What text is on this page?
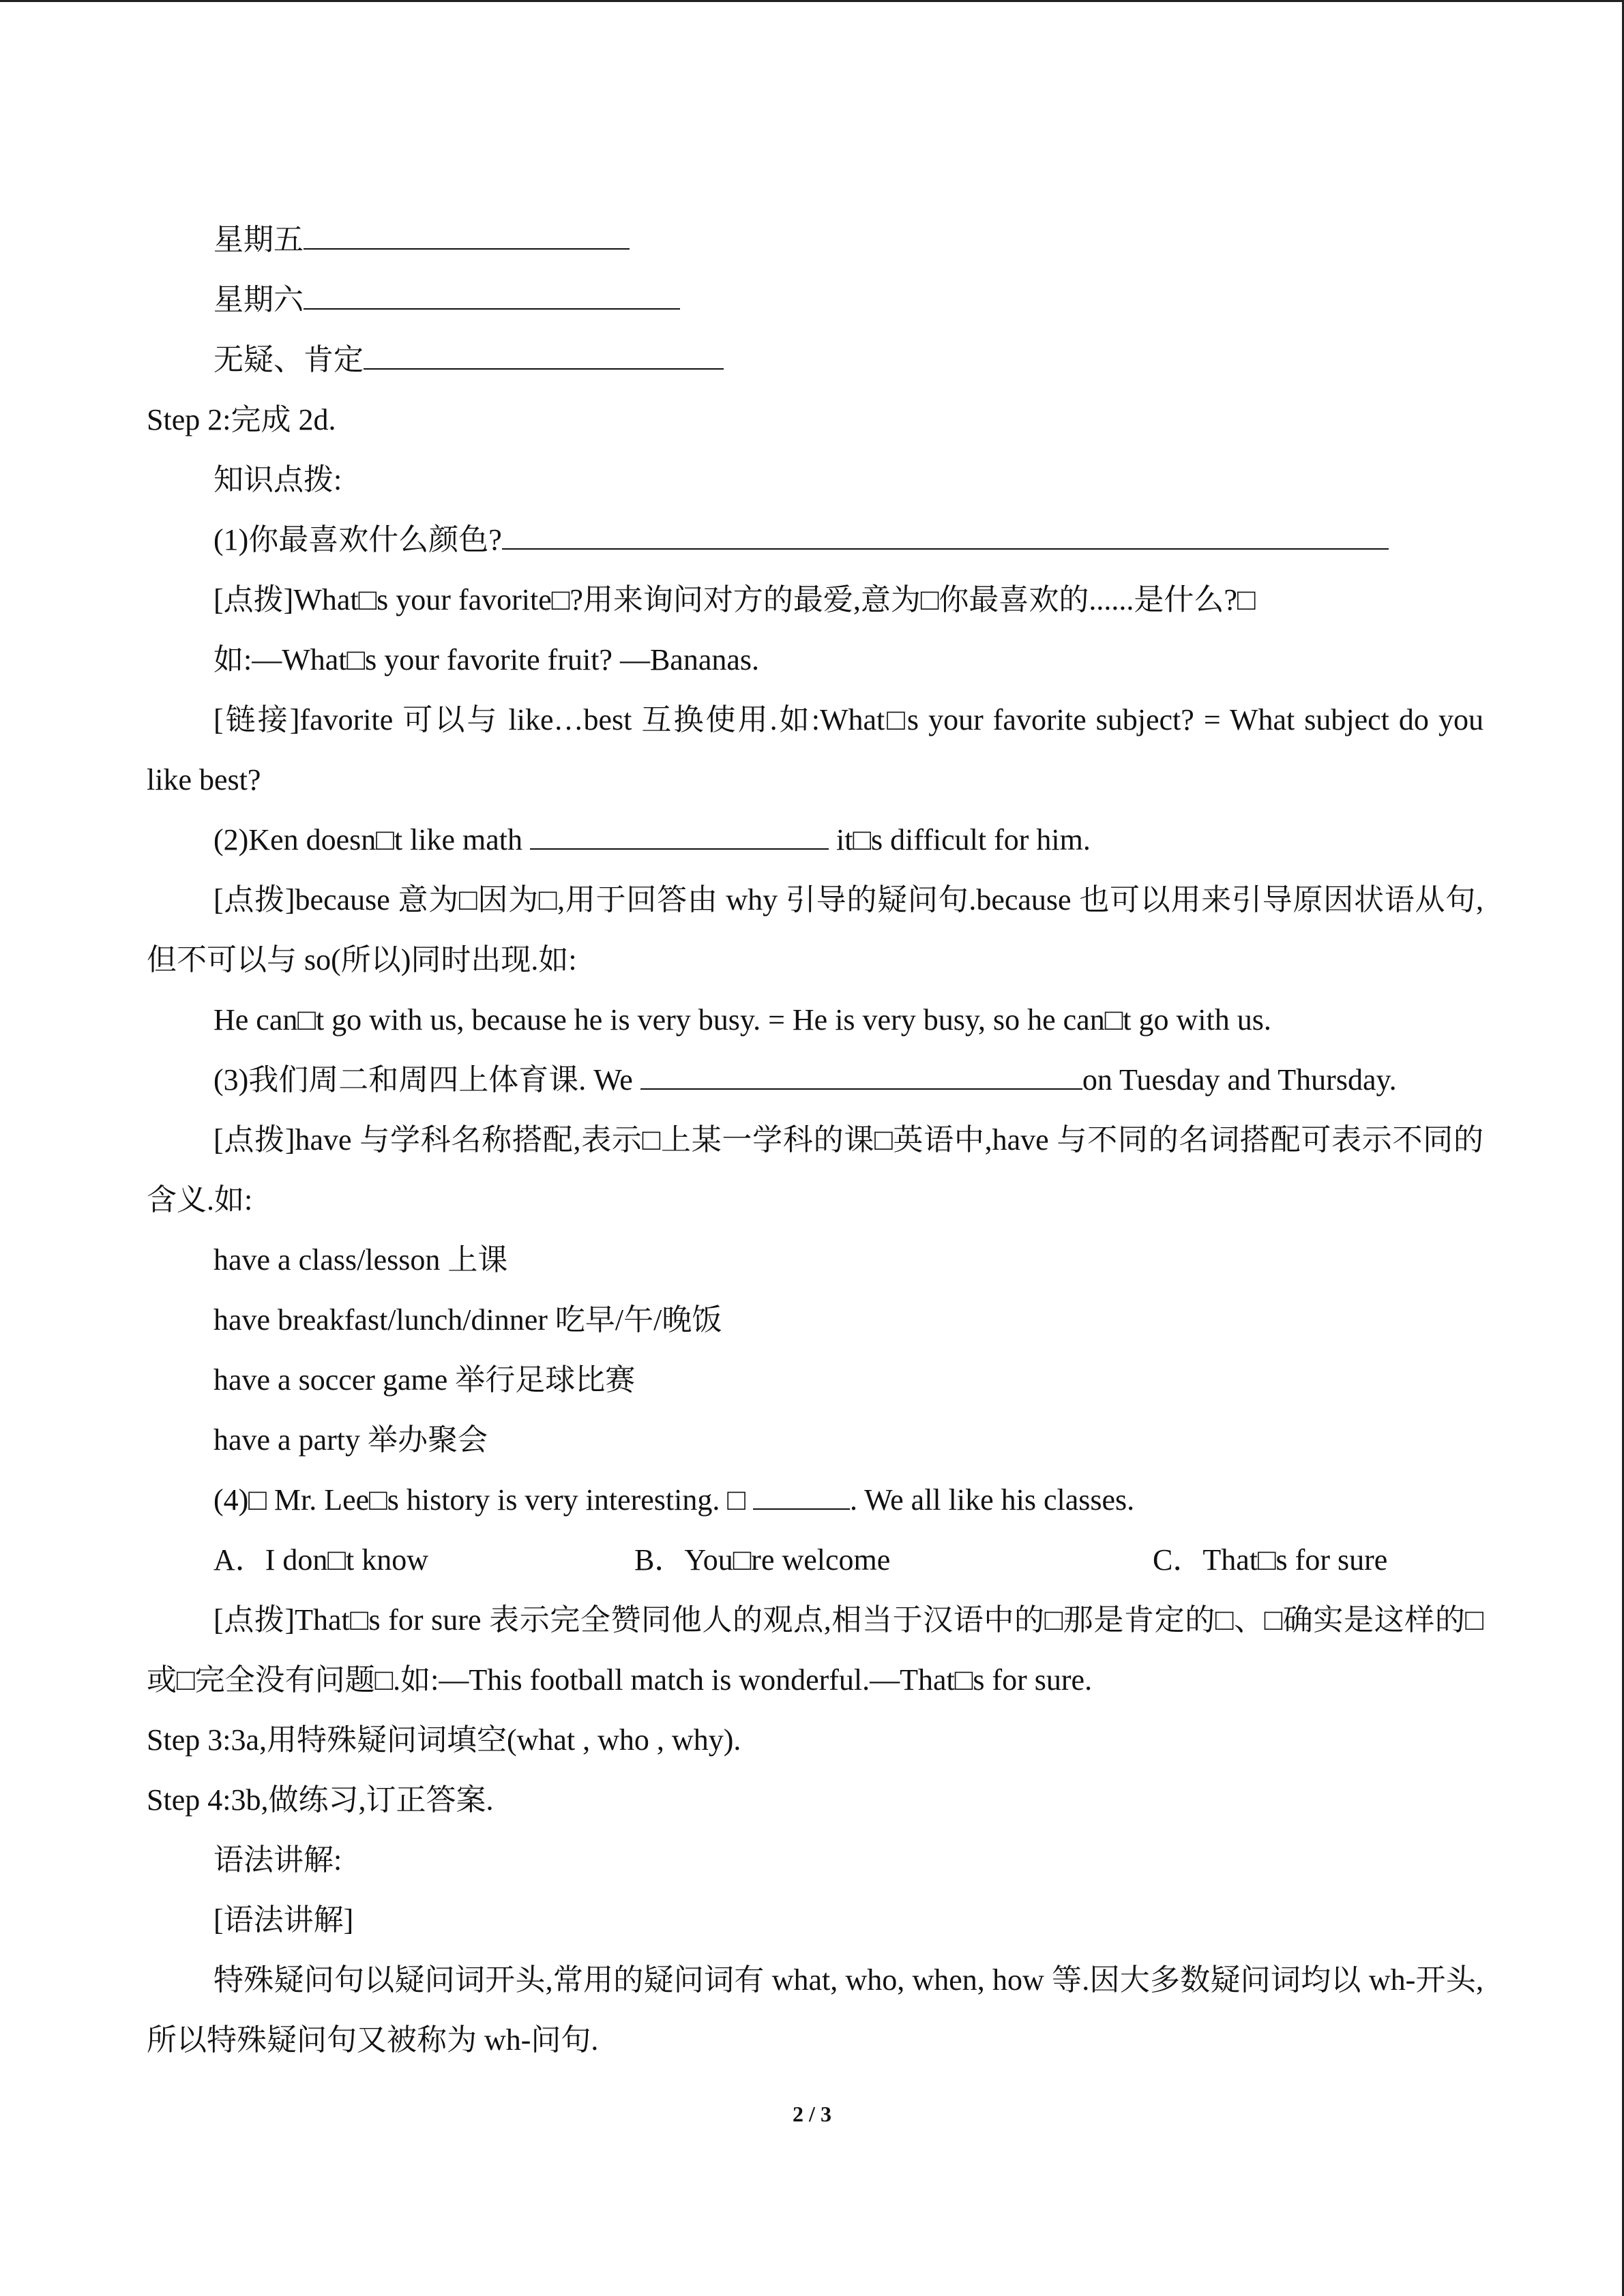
星期五
星期六
无疑、肯定
Step 2:完成 2d.
知识点拨:
(1)你最喜欢什么颜色?
[点拨]What□s your favorite□?用来询问对方的最爱,意为□你最喜欢的......是什么?□
如:—What□s your favorite fruit? —Bananas.
[链接]favorite 可以与 like…best 互换使用.如:What□s your favorite subject? = What subject do you like best?
(2)Ken doesn□t like math	it□s difficult for him.
[点拨]because 意为□因为□,用于回答由 why 引导的疑问句.because 也可以用来引导原因状语从句,但不可以与 so(所以)同时出现.如:
He can□t go with us, because he is very busy. = He is very busy, so he can□t go with us.
(3)我们周二和周四上体育课. We	on Tuesday and Thursday.
[点拨]have 与学科名称搭配,表示□上某一学科的课□英语中,have 与不同的名词搭配可表示不同的含义.如:
have a class/lesson 上课
have breakfast/lunch/dinner 吃早/午/晚饭
have a soccer game 举行足球比赛
have a party 举办聚会
(4)□ Mr. Lee□s history is very interesting. □	. We all like his classes.
A．I don□t know	B．You□re welcome	C．That□s for sure
[点拨]That□s for sure 表示完全赞同他人的观点,相当于汉语中的□那是肯定的□、□确实是这样的□或□完全没有问题□.如:—This football match is wonderful.—That□s for sure.
Step 3:3a,用特殊疑问词填空(what , who , why).
Step 4:3b,做练习,订正答案.
语法讲解:
[语法讲解]
特殊疑问句以疑问词开头,常用的疑问词有 what, who, when, how 等.因大多数疑问词均以 wh-开头,所以特殊疑问句又被称为 wh-问句.
2 / 3
